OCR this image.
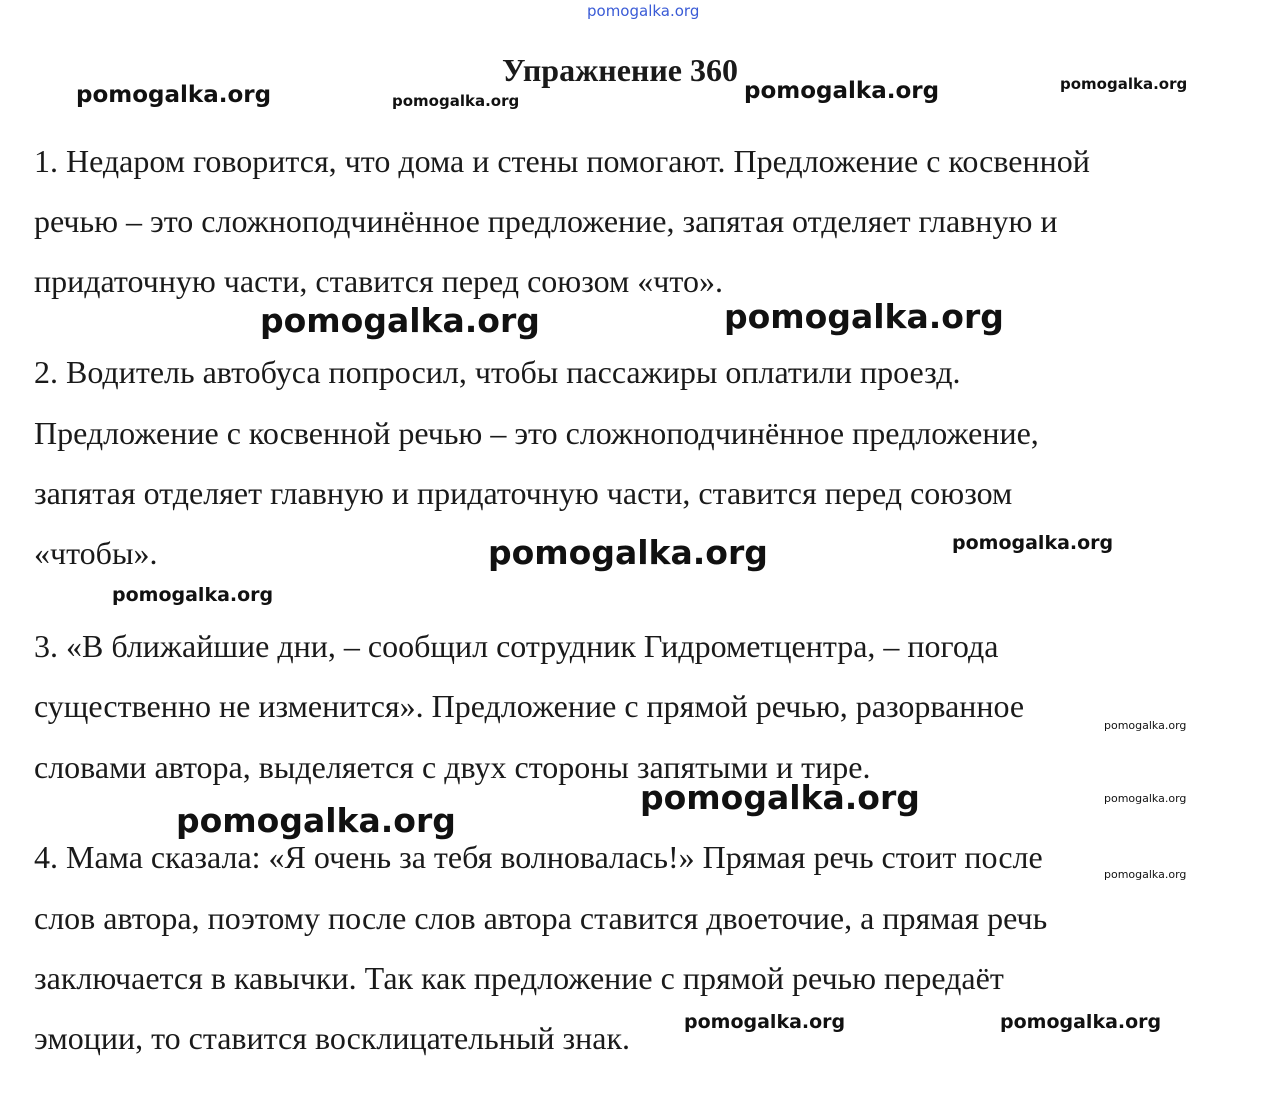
Упражнение 360
1. Недаром говорится, что дома и стены помогают. Предложение с косвенной
речью – это сложноподчинённое предложение, запятая отделяет главную и
придаточную части, ставится перед союзом «что».
2. Водитель автобуса попросил, чтобы пассажиры оплатили проезд.
Предложение с косвенной речью – это сложноподчинённое предложение,
запятая отделяет главную и придаточную части, ставится перед союзом
«чтобы».
3. «В ближайшие дни, – сообщил сотрудник Гидрометцентра, – погода
существенно не изменится». Предложение с прямой речью, разорванное
словами автора, выделяется с двух стороны запятыми и тире.
4. Мама сказала: «Я очень за тебя волновалась!» Прямая речь стоит после
слов автора, поэтому после слов автора ставится двоеточие, а прямая речь
заключается в кавычки. Так как предложение с прямой речью передаёт
эмоции, то ставится восклицательный знак.
pomogalka.org
pomogalka.org	pomogalka.org	pomogalka.org	pomogalka.org
pomogalka.org	pomogalka.org
pomogalka.org	pomogalka.org
pomogalka.org
pomogalka.org
pomogalka.org	pomogalka.org
pomogalka.org
pomogalka.org
pomogalka.org	pomogalka.org
